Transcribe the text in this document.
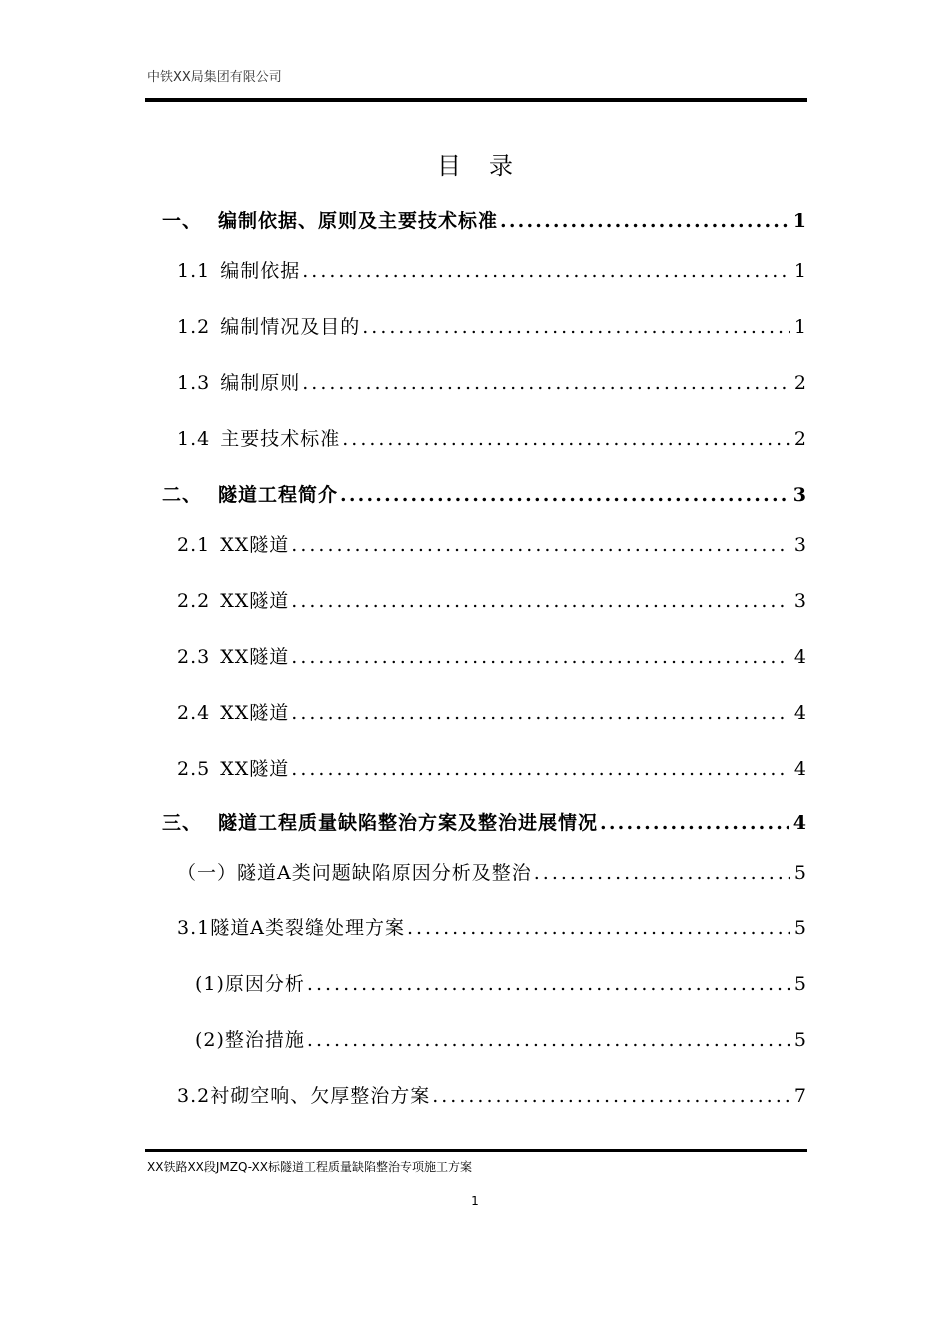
中铁XX局集团有限公司
目录
一、 编制依据、原则及主要技术标准 .....	1
1.1 编制依据 .....	1
1.2 编制情况及目的 .....	1
1.3 编制原则 .....	2
1.4 主要技术标准 .....	2
二、 隧道工程简介 .....	3
2.1 XX隧道 .....	3
2.2 XX隧道 .....	3
2.3 XX隧道 .....	4
2.4 XX隧道 .....	4
2.5 XX隧道 .....	4
三、 隧道工程质量缺陷整治方案及整治进展情况 .....	4
（一）隧道A类问题缺陷原因分析及整治 .....	5
3.1隧道A类裂缝处理方案 .....	5
(1)原因分析 .....	5
(2)整治措施 .....	5
3.2衬砌空响、欠厚整治方案 .....	7
XX铁路XX段JMZQ-XX标隧道工程质量缺陷整治专项施工方案
1
